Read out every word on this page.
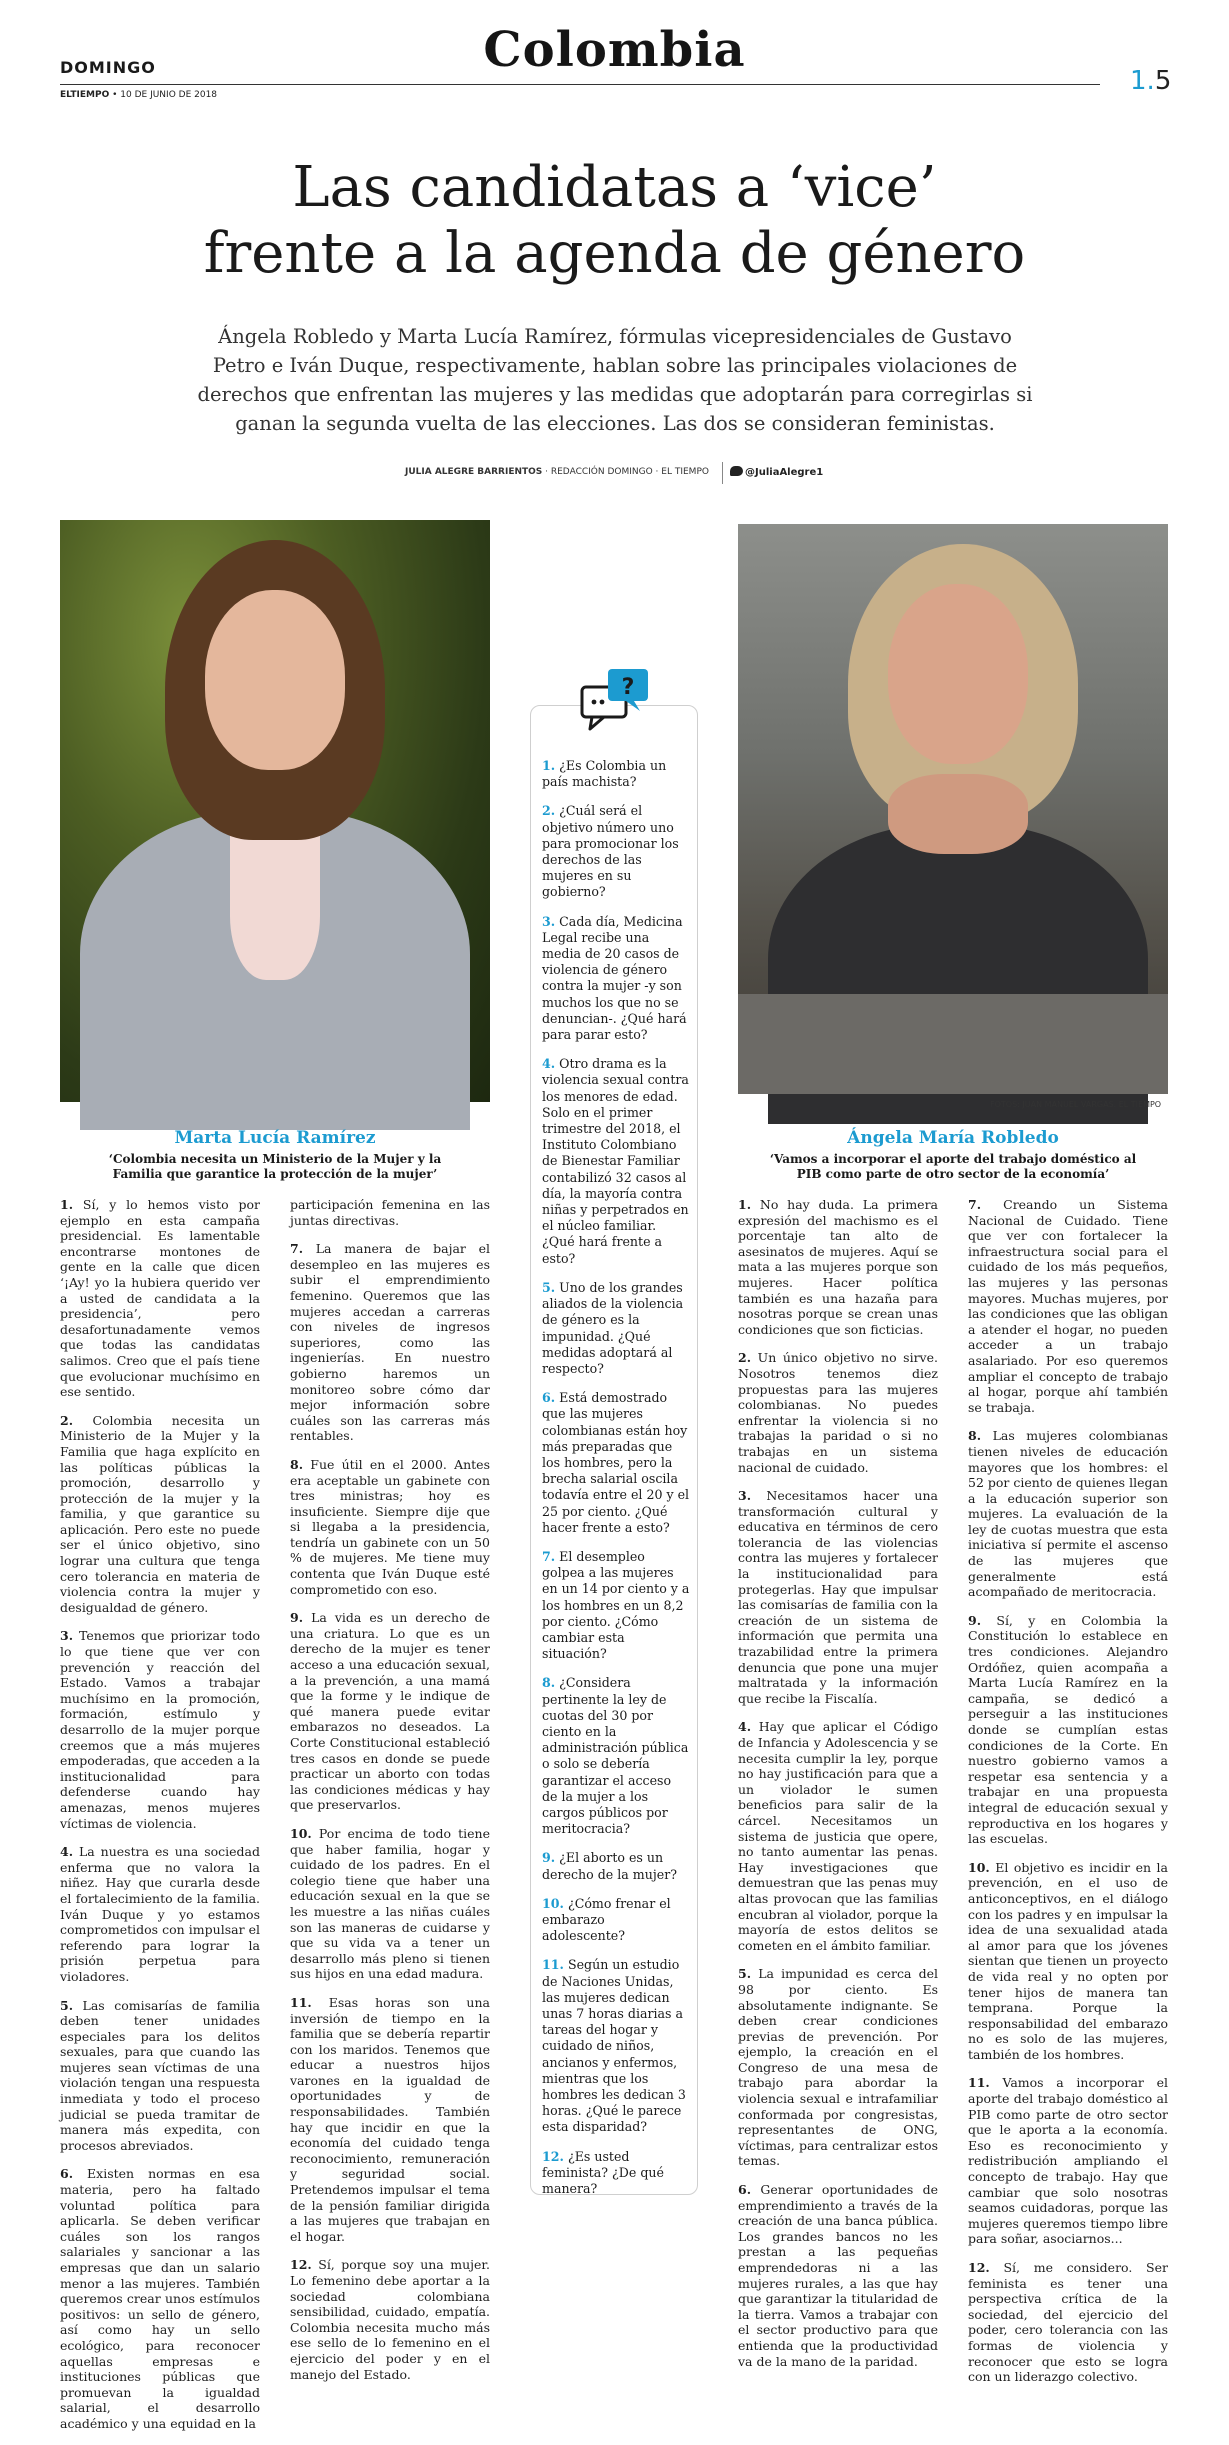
Colombia
DOMINGO
ELTIEMPO • 10 DE JUNIO DE 2018	1.5
Las candidatas a ‘vice’
frente a la agenda de género

Ángela Robledo y Marta Lucía Ramírez, fórmulas vicepresidenciales de Gustavo Petro e Iván Duque, respectivamente, hablan sobre las principales violaciones de derechos que enfrentan las mujeres y las medidas que adoptarán para corregirlas si ganan la segunda vuelta de las elecciones. Las dos se consideran feministas.

JULIA ALEGRE BARRIENTOS · REDACCIÓN DOMINGO · EL TIEMPO	@JuliaAlegre1
FOTOS: JUAN MANUEL VARGAS. EL TIEMPO
?
1. ¿Es Colombia un país machista?
2. ¿Cuál será el objetivo número uno para promocionar los derechos de las mujeres en su gobierno?
3. Cada día, Medicina Legal recibe una media de 20 casos de violencia de género contra la mujer -y son muchos los que no se denuncian-. ¿Qué hará para parar esto?
4. Otro drama es la violencia sexual contra los menores de edad. Solo en el primer trimestre del 2018, el Instituto Colombiano de Bienestar Familiar contabilizó 32 casos al día, la mayoría contra niñas y perpetrados en el núcleo familiar. ¿Qué hará frente a esto?
5. Uno de los grandes aliados de la violencia de género es la impunidad. ¿Qué medidas adoptará al respecto?
6. Está demostrado que las mujeres colombianas están hoy más preparadas que los hombres, pero la brecha salarial oscila todavía entre el 20 y el 25 por ciento. ¿Qué hacer frente a esto?
7. El desempleo golpea a las mujeres en un 14 por ciento y a los hombres en un 8,2 por ciento. ¿Cómo cambiar esta situación?
8. ¿Considera pertinente la ley de cuotas del 30 por ciento en la administración pública o solo se debería garantizar el acceso de la mujer a los cargos públicos por meritocracia?
9. ¿El aborto es un derecho de la mujer?
10. ¿Cómo frenar el embarazo adolescente?
11. Según un estudio de Naciones Unidas, las mujeres dedican unas 7 horas diarias a tareas del hogar y cuidado de niños, ancianos y enfermos, mientras que los hombres les dedican 3 horas. ¿Qué le parece esta disparidad?
12. ¿Es usted feminista? ¿De qué manera?
Marta Lucía Ramírez
‘Colombia necesita un Ministerio de la Mujer y la Familia que garantice la protección de la mujer’
Ángela María Robledo
‘Vamos a incorporar el aporte del trabajo doméstico al PIB como parte de otro sector de la economía’

1. Sí, y lo hemos visto por ejemplo en esta campaña presidencial. Es lamentable encontrarse montones de gente en la calle que dicen ‘¡Ay! yo la hubiera querido ver a usted de candidata a la presidencia’, pero desafortunadamente vemos que todas las candidatas salimos. Creo que el país tiene que evolucionar muchísimo en ese sentido.

2. Colombia necesita un Ministerio de la Mujer y la Familia que haga explícito en las políticas públicas la promoción, desarrollo y protección de la mujer y la familia, y que garantice su aplicación. Pero este no puede ser el único objetivo, sino lograr una cultura que tenga cero tolerancia en materia de violencia contra la mujer y desigualdad de género.

3. Tenemos que priorizar todo lo que tiene que ver con prevención y reacción del Estado. Vamos a trabajar muchísimo en la promoción, formación, estímulo y desarrollo de la mujer porque creemos que a más mujeres empoderadas, que acceden a la institucionalidad para defenderse cuando hay amenazas, menos mujeres víctimas de violencia.

4. La nuestra es una sociedad enferma que no valora la niñez. Hay que curarla desde el fortalecimiento de la familia. Iván Duque y yo estamos comprometidos con impulsar el referendo para lograr la prisión perpetua para violadores.

5. Las comisarías de familia deben tener unidades especiales para los delitos sexuales, para que cuando las mujeres sean víctimas de una violación tengan una respuesta inmediata y todo el proceso judicial se pueda tramitar de manera más expedita, con procesos abreviados.

6. Existen normas en esa materia, pero ha faltado voluntad política para aplicarla. Se deben verificar cuáles son los rangos salariales y sancionar a las empresas que dan un salario menor a las mujeres. También queremos crear unos estímulos positivos: un sello de género, así como hay un sello ecológico, para reconocer aquellas empresas e instituciones públicas que promuevan la igualdad salarial, el desarrollo académico y una equidad en la

participación femenina en las juntas directivas.

7. La manera de bajar el desempleo en las mujeres es subir el emprendimiento femenino. Queremos que las mujeres accedan a carreras con niveles de ingresos superiores, como las ingenierías. En nuestro gobierno haremos un monitoreo sobre cómo dar mejor información sobre cuáles son las carreras más rentables.

8. Fue útil en el 2000. Antes era aceptable un gabinete con tres ministras; hoy es insuficiente. Siempre dije que si llegaba a la presidencia, tendría un gabinete con un 50 % de mujeres. Me tiene muy contenta que Iván Duque esté comprometido con eso.

9. La vida es un derecho de una criatura. Lo que es un derecho de la mujer es tener acceso a una educación sexual, a la prevención, a una mamá que la forme y le indique de qué manera puede evitar embarazos no deseados. La Corte Constitucional estableció tres casos en donde se puede practicar un aborto con todas las condiciones médicas y hay que preservarlos.

10. Por encima de todo tiene que haber familia, hogar y cuidado de los padres. En el colegio tiene que haber una educación sexual en la que se les muestre a las niñas cuáles son las maneras de cuidarse y que su vida va a tener un desarrollo más pleno si tienen sus hijos en una edad madura.

11. Esas horas son una inversión de tiempo en la familia que se debería repartir con los maridos. Tenemos que educar a nuestros hijos varones en la igualdad de oportunidades y de responsabilidades. También hay que incidir en que la economía del cuidado tenga reconocimiento, remuneración y seguridad social. Pretendemos impulsar el tema de la pensión familiar dirigida a las mujeres que trabajan en el hogar.

12. Sí, porque soy una mujer. Lo femenino debe aportar a la sociedad colombiana sensibilidad, cuidado, empatía. Colombia necesita mucho más ese sello de lo femenino en el ejercicio del poder y en el manejo del Estado.

1. No hay duda. La primera expresión del machismo es el porcentaje tan alto de asesinatos de mujeres. Aquí se mata a las mujeres porque son mujeres. Hacer política también es una hazaña para nosotras porque se crean unas condiciones que son ficticias.

2. Un único objetivo no sirve. Nosotros tenemos diez propuestas para las mujeres colombianas. No puedes enfrentar la violencia si no trabajas la paridad o si no trabajas en un sistema nacional de cuidado.

3. Necesitamos hacer una transformación cultural y educativa en términos de cero tolerancia de las violencias contra las mujeres y fortalecer la institucionalidad para protegerlas. Hay que impulsar las comisarías de familia con la creación de un sistema de información que permita una trazabilidad entre la primera denuncia que pone una mujer maltratada y la información que recibe la Fiscalía.

4. Hay que aplicar el Código de Infancia y Adolescencia y se necesita cumplir la ley, porque no hay justificación para que a un violador le sumen beneficios para salir de la cárcel. Necesitamos un sistema de justicia que opere, no tanto aumentar las penas. Hay investigaciones que demuestran que las penas muy altas provocan que las familias encubran al violador, porque la mayoría de estos delitos se cometen en el ámbito familiar.

5. La impunidad es cerca del 98 por ciento. Es absolutamente indignante. Se deben crear condiciones previas de prevención. Por ejemplo, la creación en el Congreso de una mesa de trabajo para abordar la violencia sexual e intrafamiliar conformada por congresistas, representantes de ONG, víctimas, para centralizar estos temas.

6. Generar oportunidades de emprendimiento a través de la creación de una banca pública. Los grandes bancos no les prestan a las pequeñas emprendedoras ni a las mujeres rurales, a las que hay que garantizar la titularidad de la tierra. Vamos a trabajar con el sector productivo para que entienda que la productividad va de la mano de la paridad.

7. Creando un Sistema Nacional de Cuidado. Tiene que ver con fortalecer la infraestructura social para el cuidado de los más pequeños, las mujeres y las personas mayores. Muchas mujeres, por las condiciones que las obligan a atender el hogar, no pueden acceder a un trabajo asalariado. Por eso queremos ampliar el concepto de trabajo al hogar, porque ahí también se trabaja.

8. Las mujeres colombianas tienen niveles de educación mayores que los hombres: el 52 por ciento de quienes llegan a la educación superior son mujeres. La evaluación de la ley de cuotas muestra que esta iniciativa sí permite el ascenso de las mujeres que generalmente está acompañado de meritocracia.

9. Sí, y en Colombia la Constitución lo establece en tres condiciones. Alejandro Ordóñez, quien acompaña a Marta Lucía Ramírez en la campaña, se dedicó a perseguir a las instituciones donde se cumplían estas condiciones de la Corte. En nuestro gobierno vamos a respetar esa sentencia y a trabajar en una propuesta integral de educación sexual y reproductiva en los hogares y las escuelas.

10. El objetivo es incidir en la prevención, en el uso de anticonceptivos, en el diálogo con los padres y en impulsar la idea de una sexualidad atada al amor para que los jóvenes sientan que tienen un proyecto de vida real y no opten por tener hijos de manera tan temprana. Porque la responsabilidad del embarazo no es solo de las mujeres, también de los hombres.

11. Vamos a incorporar el aporte del trabajo doméstico al PIB como parte de otro sector que le aporta a la economía. Eso es reconocimiento y redistribución ampliando el concepto de trabajo. Hay que cambiar que solo nosotras seamos cuidadoras, porque las mujeres queremos tiempo libre para soñar, asociarnos...

12. Sí, me considero. Ser feminista es tener una perspectiva crítica de la sociedad, del ejercicio del poder, cero tolerancia con las formas de violencia y reconocer que esto se logra con un liderazgo colectivo.
